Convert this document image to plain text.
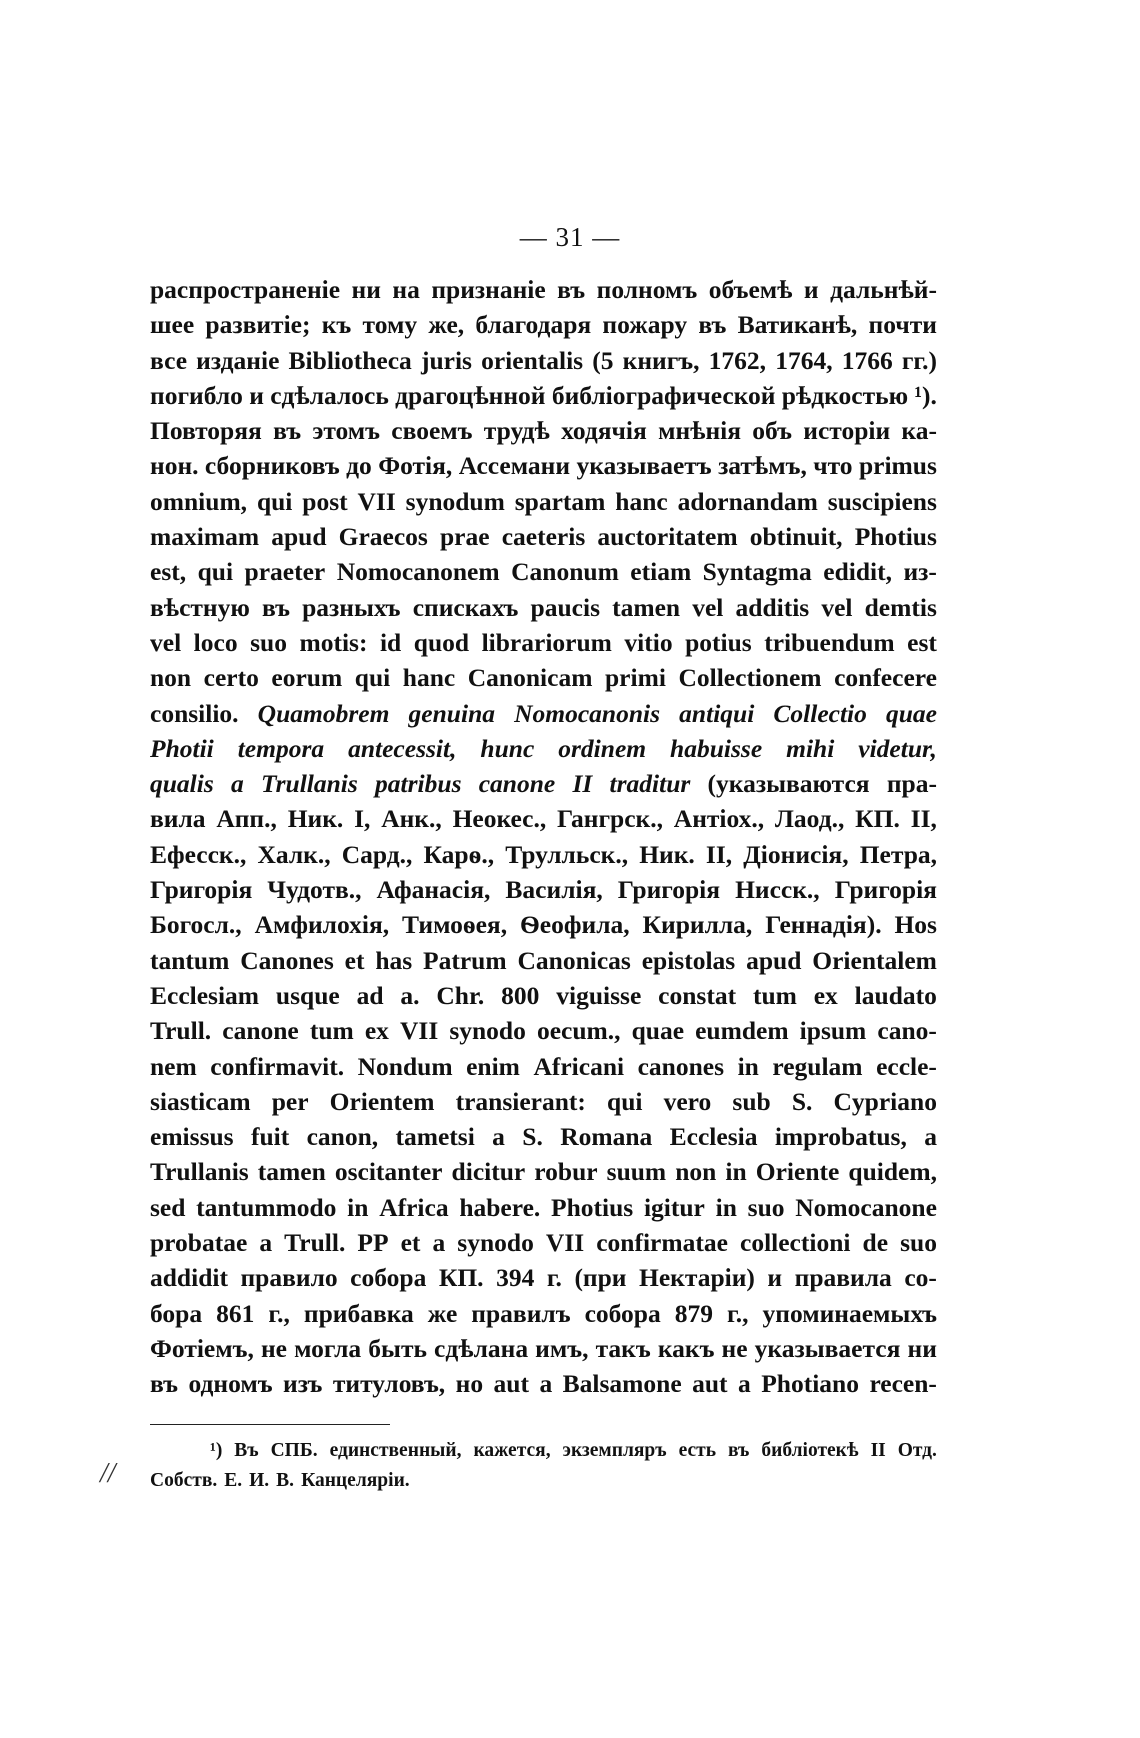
— 31 —
распространеніе ни на признаніе въ полномъ объемѣ и дальнѣй-
шее развитіе; къ тому же, благодаря пожару въ Ватиканѣ, почти
все изданіе Bibliotheca juris orientalis (5 книгъ, 1762, 1764, 1766 гг.)
погибло и сдѣлалось драгоцѣнной библіографической рѣдкостью ¹).
Повторяя въ этомъ своемъ трудѣ ходячія мнѣнія объ исторіи ка-
нон. сборниковъ до Фотія, Ассемани указываетъ затѣмъ, что primus
omnium, qui post VII synodum spartam hanc adornandam suscipiens
maximam apud Graecos prae caeteris auctoritatem obtinuit, Photius
est, qui praeter Nomocanonem Canonum etiam Syntagma edidit, из-
вѣстную въ разныхъ спискахъ paucis tamen vel additis vel demtis
vel loco suo motis: id quod librariorum vitio potius tribuendum est
non certo eorum qui hanc Canonicam primi Collectionem confecere
consilio. Quamobrem genuina Nomocanonis antiqui Collectio quae
Photii tempora antecessit, hunc ordinem habuisse mihi videtur,
qualis a Trullanis patribus canone II traditur (указываются пра-
вила Апп., Ник. I, Анк., Неокес., Гангрск., Антіох., Лаод., КП. II,
Ефесск., Халк., Сард., Карѳ., Трулльск., Ник. II, Діонисія, Петра,
Григорія Чудотв., Афанасія, Василія, Григорія Нисск., Григорія
Богосл., Амфилохія, Тимоѳея, Ѳеофила, Кирилла, Геннадія). Hos
tantum Canones et has Patrum Canonicas epistolas apud Orientalem
Ecclesiam usque ad a. Chr. 800 viguisse constat tum ex laudato
Trull. canone tum ex VII synodo oecum., quae eumdem ipsum cano-
nem confirmavit. Nondum enim Africani canones in regulam eccle-
siasticam per Orientem transierant: qui vero sub S. Cypriano
emissus fuit canon, tametsi a S. Romana Ecclesia improbatus, a
Trullanis tamen oscitanter dicitur robur suum non in Oriente quidem,
sed tantummodo in Africa habere. Photius igitur in suo Nomocanone
probatae a Trull. PP et a synodo VII confirmatae collectioni de suo
addidit правило собора КП. 394 г. (при Нектаріи) и правила со-
бора 861 г., прибавка же правилъ собора 879 г., упоминаемыхъ
Фотіемъ, не могла быть сдѣлана имъ, такъ какъ не указывается ни
въ одномъ изъ титуловъ, но aut a Balsamone aut a Photiano recen-
¹) Въ СПБ. единственный, кажется, экземпляръ есть въ библіотекѣ II Отд.
Собств. Е. И. В. Канцеляріи.
//
